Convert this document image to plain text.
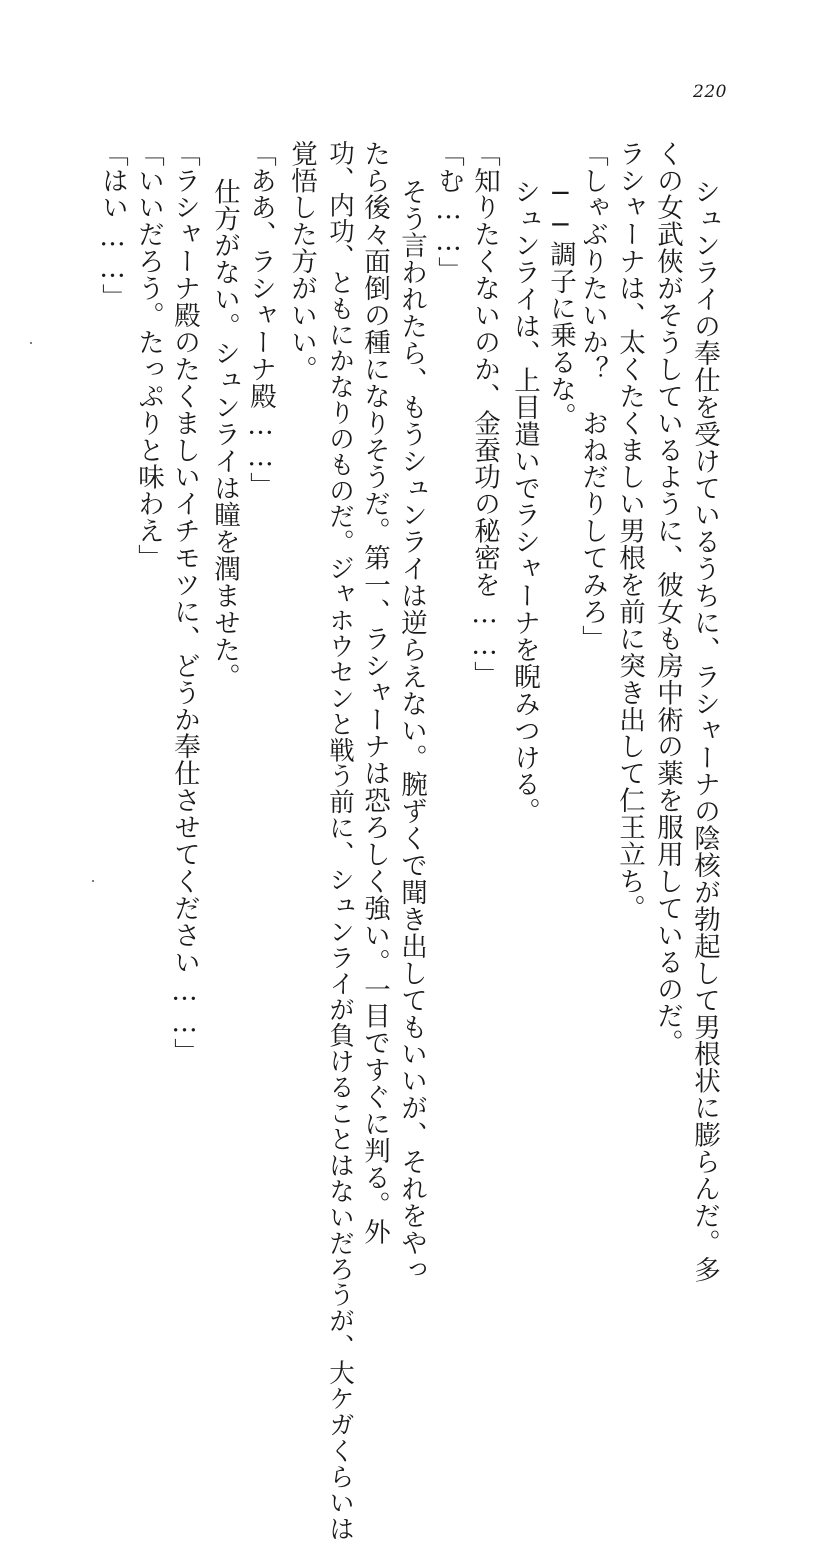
220
シュンライの奉仕を受けているうちに、ラシャーナの陰核が勃起して男根状に膨らんだ。多
くの女武俠がそうしているように、彼女も房中術の薬を服用しているのだ。
ラシャーナは、太くたくましい男根を前に突き出して仁王立ち。
「しゃぶりたいか？　おねだりしてみろ」
──調子に乗るな。
シュンライは、上目遣いでラシャーナを睨みつける。
「知りたくないのか、金蚕功の秘密を……」
「む……」
そう言われたら、もうシュンライは逆らえない。腕ずくで聞き出してもいいが、それをやっ
たら後々面倒の種になりそうだ。第一、ラシャーナは恐ろしく強い。一目ですぐに判る。外
功、内功、ともにかなりのものだ。ジャホウセンと戦う前に、シュンライが負けることはないだろうが、大ケガくらいは
覚悟した方がいい。
「ああ、ラシャーナ殿……」
仕方がない。シュンライは瞳を潤ませた。
「ラシャーナ殿のたくましいイチモツに、どうか奉仕させてください……」
「いいだろう。たっぷりと味わえ」
「はい……」
